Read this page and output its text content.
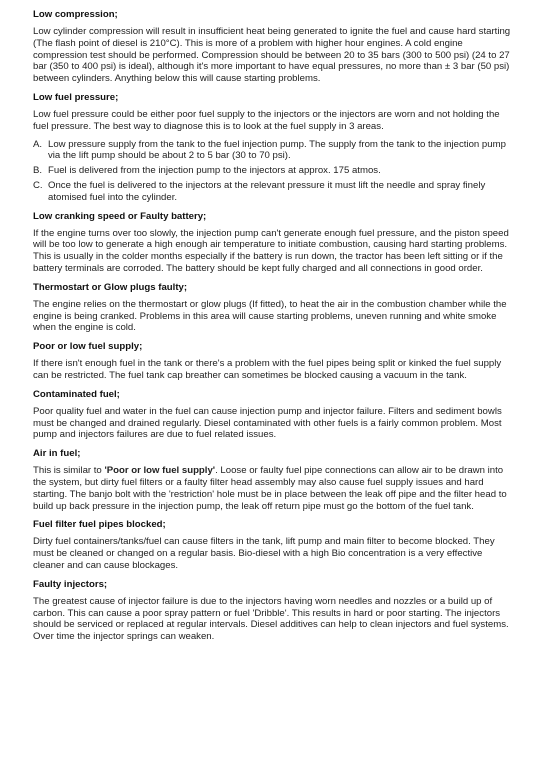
Low compression;

Low cylinder compression will result in insufficient heat being generated to ignite the fuel and cause hard starting (The flash point of diesel is 210°C). This is more of a problem with higher hour engines. A cold engine compression test should be performed. Compression should be between 20 to 35 bars (300 to 500 psi) (24 to 27 bar (350 to 400 psi) is ideal), although it's more important to have equal pressures, no more than ± 3 bar (50 psi) between cylinders. Anything below this will cause starting problems.

Low fuel pressure;

Low fuel pressure could be either poor fuel supply to the injectors or the injectors are worn and not holding the fuel pressure. The best way to diagnose this is to look at the fuel supply in 3 areas.

A. Low pressure supply from the tank to the fuel injection pump. The supply from the tank to the injection pump via the lift pump should be about 2 to 5 bar (30 to 70 psi).
B. Fuel is delivered from the injection pump to the injectors at approx. 175 atmos.
C. Once the fuel is delivered to the injectors at the relevant pressure it must lift the needle and spray finely atomised fuel into the cylinder.
Low cranking speed or Faulty battery;

If the engine turns over too slowly, the injection pump can't generate enough fuel pressure, and the piston speed will be too low to generate a high enough air temperature to initiate combustion, causing hard starting problems. This is usually in the colder months especially if the battery is run down, the tractor has been left sitting or if the battery terminals are corroded. The battery should be kept fully charged and all connections in good order.

Thermostart or Glow plugs faulty;

The engine relies on the thermostart or glow plugs (If fitted), to heat the air in the combustion chamber while the engine is being cranked. Problems in this area will cause starting problems, uneven running and white smoke when the engine is cold.

Poor or low fuel supply;

If there isn't enough fuel in the tank or there's a problem with the fuel pipes being split or kinked the fuel supply can be restricted. The fuel tank cap breather can sometimes be blocked causing a vacuum in the tank.

Contaminated fuel;

Poor quality fuel and water in the fuel can cause injection pump and injector failure. Filters and sediment bowls must be changed and drained regularly. Diesel contaminated with other fuels is a fairly common problem. Most pump and injectors failures are due to fuel related issues.

Air in fuel;

This is similar to 'Poor or low fuel supply'. Loose or faulty fuel pipe connections can allow air to be drawn into the system, but dirty fuel filters or a faulty filter head assembly may also cause fuel supply issues and hard starting. The banjo bolt with the 'restriction' hole must be in place between the leak off pipe and the filter head to build up back pressure in the injection pump, the leak off return pipe must go the bottom of the fuel tank.

Fuel filter fuel pipes blocked;

Dirty fuel containers/tanks/fuel can cause filters in the tank, lift pump and main filter to become blocked. They must be cleaned or changed on a regular basis. Bio-diesel with a high Bio concentration is a very effective cleaner and can cause blockages.

Faulty injectors;

The greatest cause of injector failure is due to the injectors having worn needles and nozzles or a build up of carbon. This can cause a poor spray pattern or fuel 'Dribble'. This results in hard or poor starting. The injectors should be serviced or replaced at regular intervals. Diesel additives can help to clean injectors and fuel systems. Over time the injector springs can weaken.
